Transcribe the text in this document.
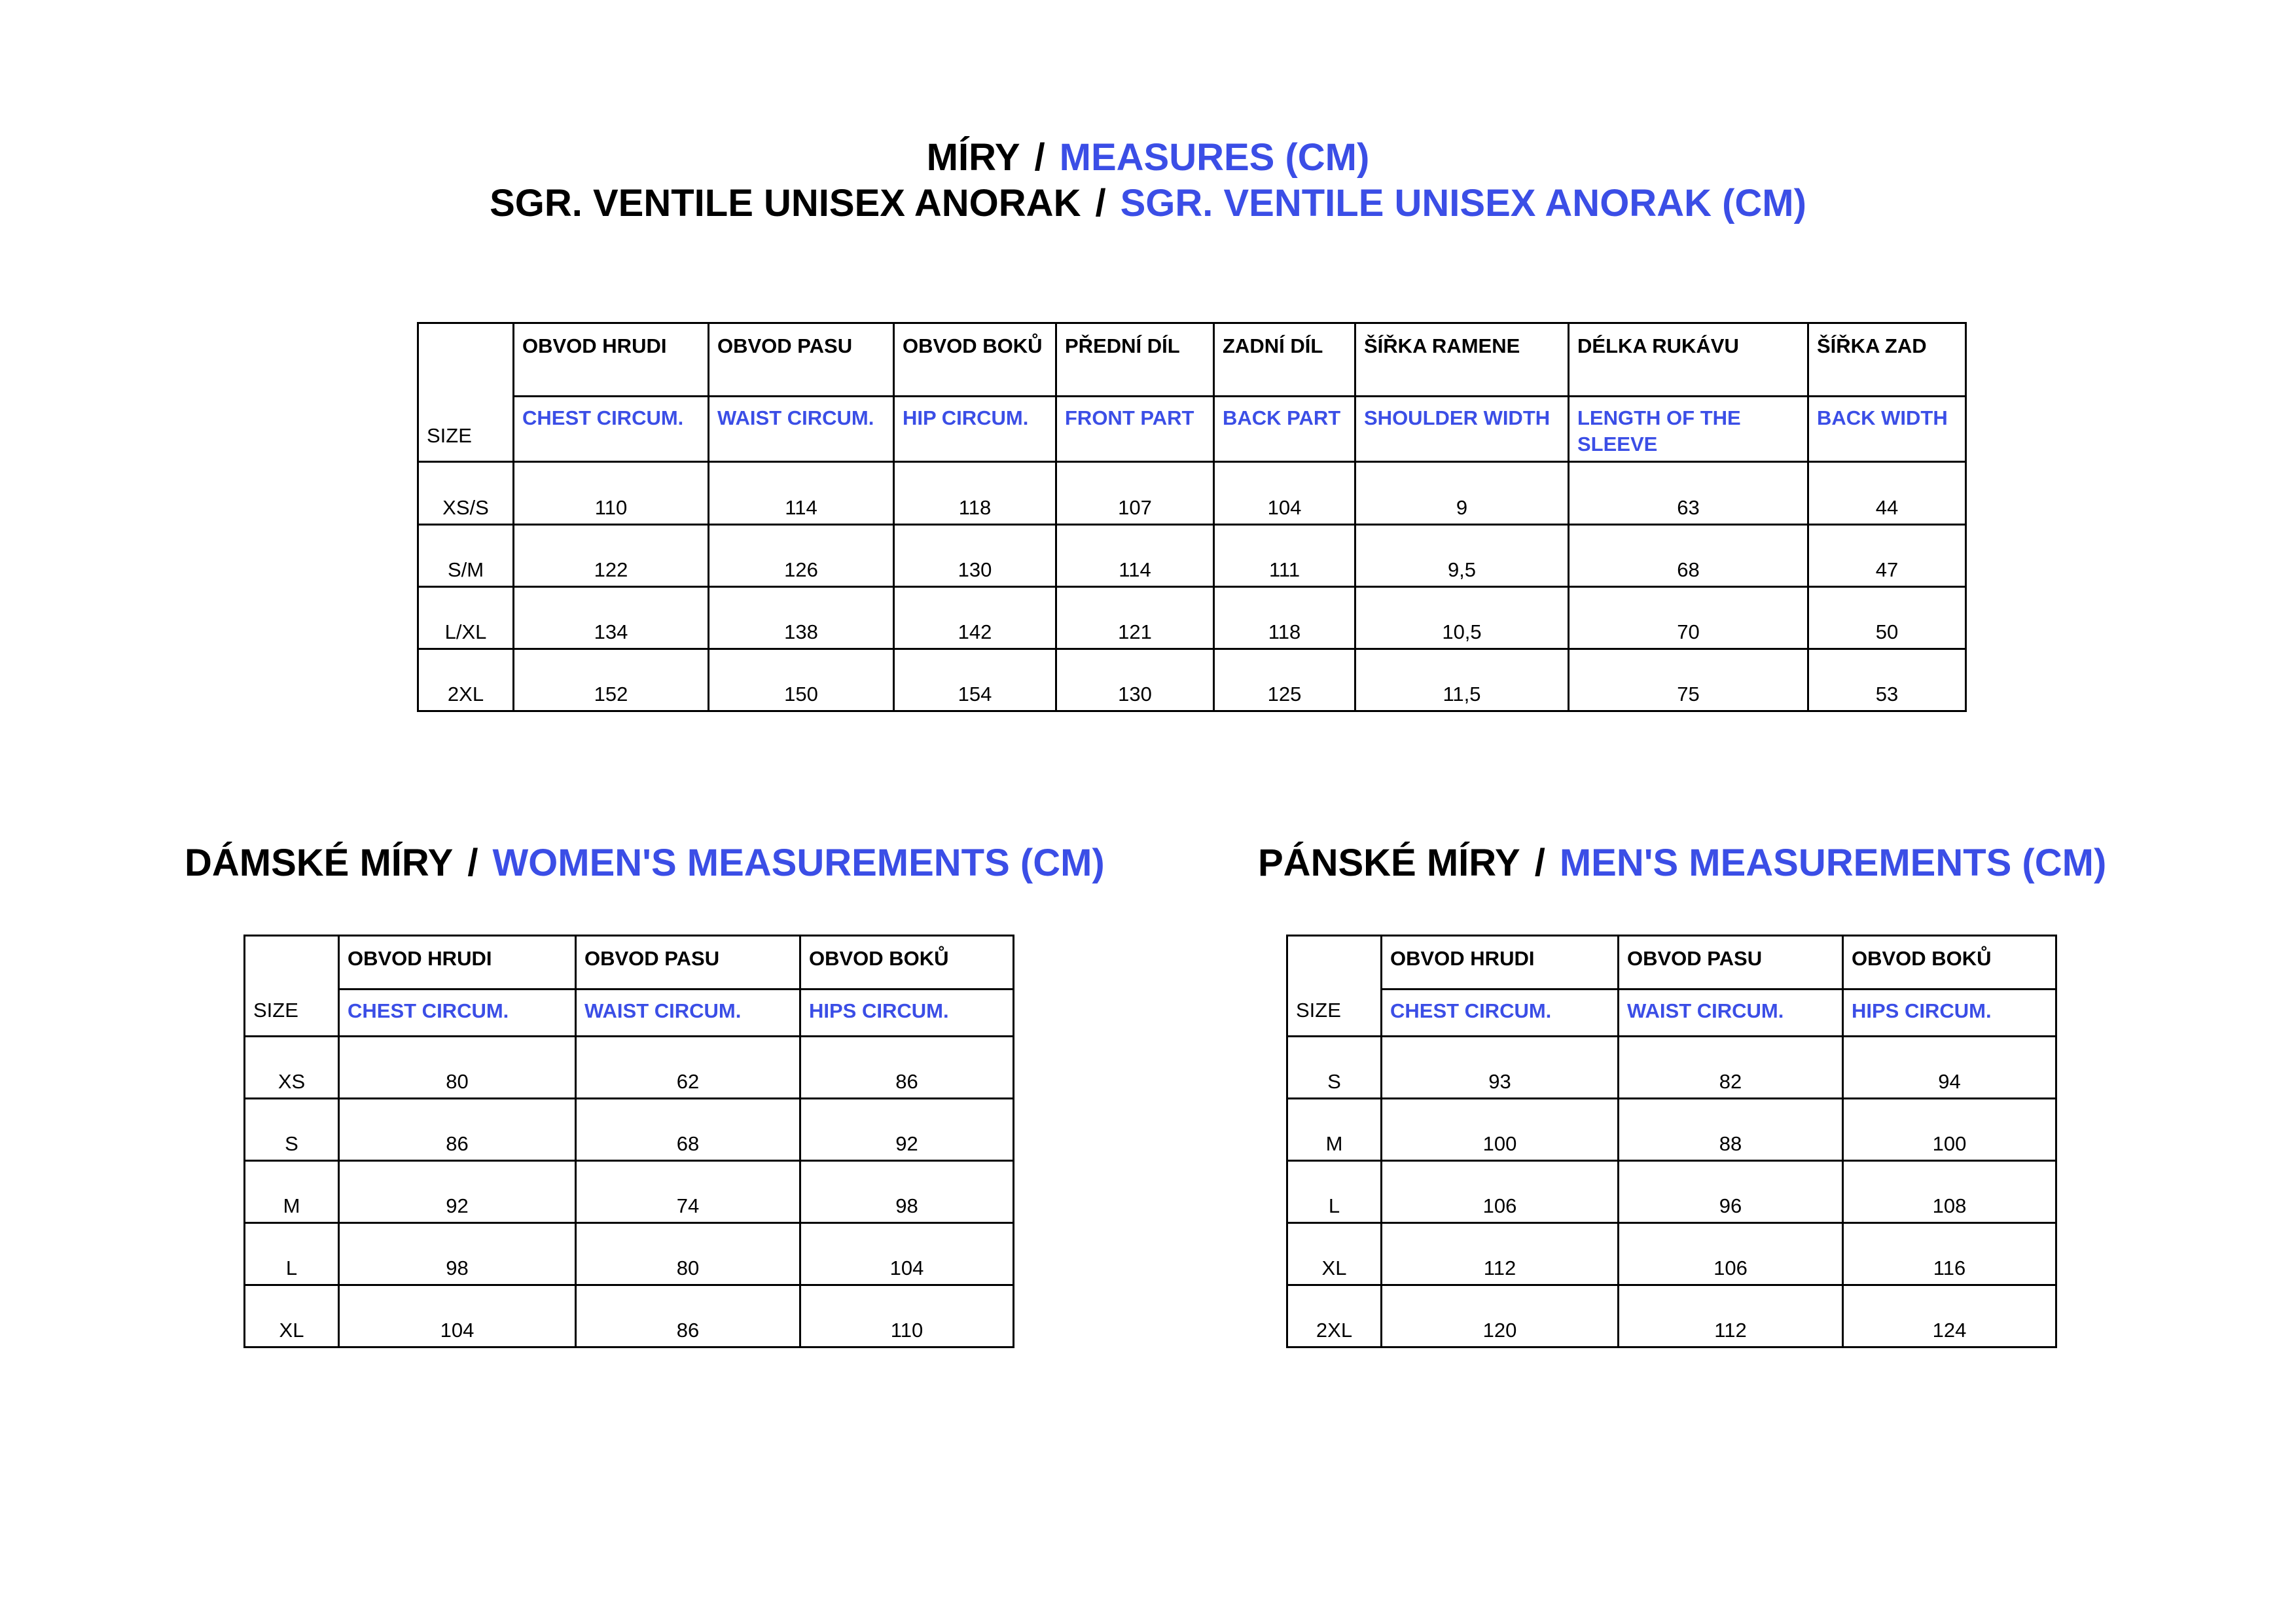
MÍRY / MEASURES (CM)
SGR. VENTILE UNISEX ANORAK / SGR. VENTILE UNISEX ANORAK (CM)
SIZE	OBVOD HRUDI	OBVOD PASU	OBVOD BOKŮ	PŘEDNÍ DÍL	ZADNÍ DÍL	ŠÍŘKA RAMENE	DÉLKA RUKÁVU	ŠÍŘKA ZAD
	CHEST CIRCUM.	WAIST CIRCUM.	HIP CIRCUM.	FRONT PART	BACK PART	SHOULDER WIDTH	LENGTH OF THE SLEEVE	BACK WIDTH
XS/S	110	114	118	107	104	9	63	44
S/M	122	126	130	114	111	9,5	68	47
L/XL	134	138	142	121	118	10,5	70	50
2XL	152	150	154	130	125	11,5	75	53
DÁMSKÉ MÍRY / WOMEN'S MEASUREMENTS (CM)	PÁNSKÉ MÍRY / MEN'S MEASUREMENTS (CM)
SIZE	OBVOD HRUDI	OBVOD PASU	OBVOD BOKŮ
	CHEST CIRCUM.	WAIST CIRCUM.	HIPS CIRCUM.
XS	80	62	86
S	86	68	92
M	92	74	98
L	98	80	104
XL	104	86	110
SIZE	OBVOD HRUDI	OBVOD PASU	OBVOD BOKŮ
	CHEST CIRCUM.	WAIST CIRCUM.	HIPS CIRCUM.
S	93	82	94
M	100	88	100
L	106	96	108
XL	112	106	116
2XL	120	112	124
